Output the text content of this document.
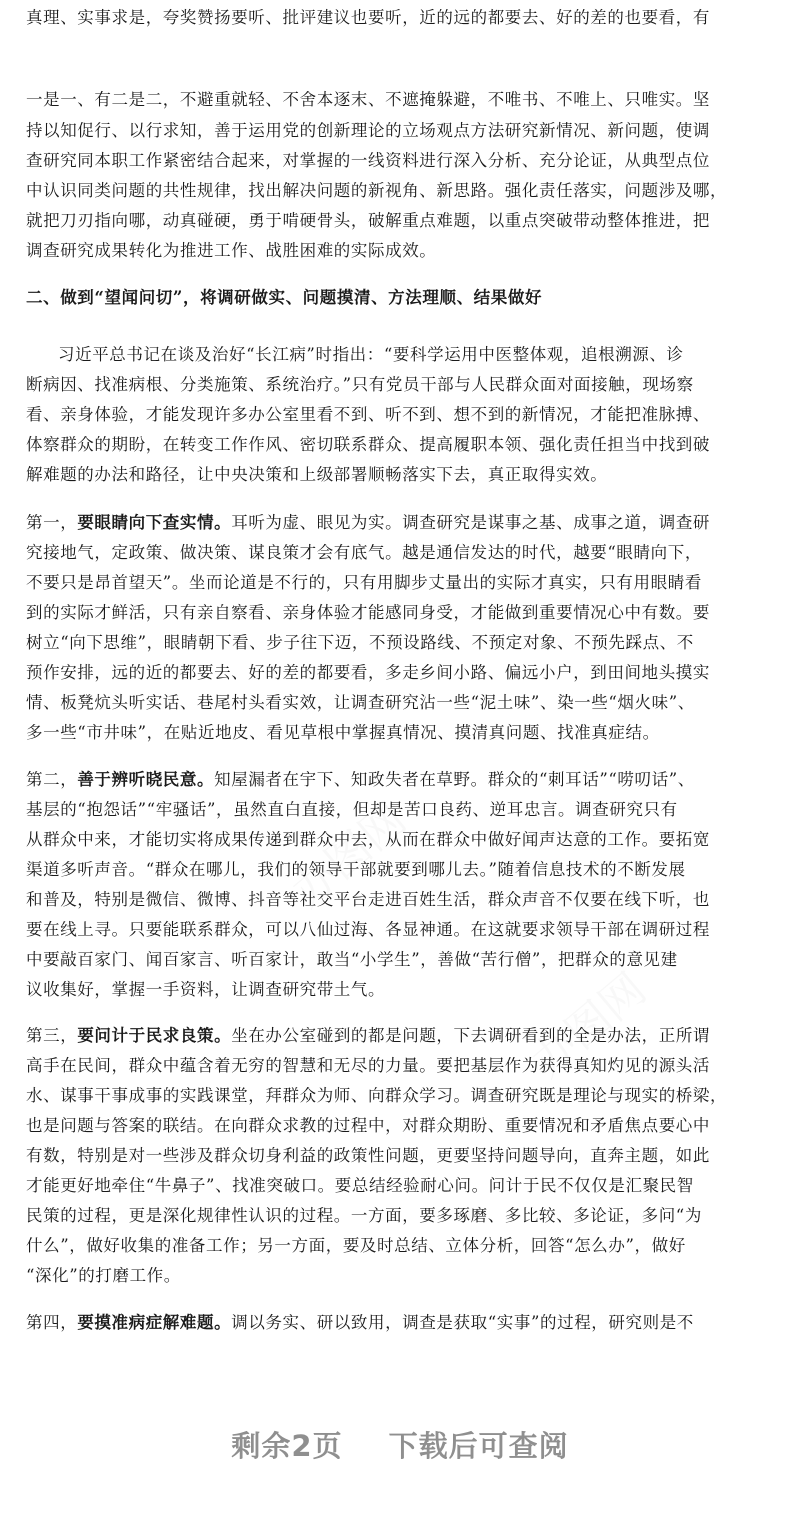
办图网
办图网
真理、实事求是，夸奖赞扬要听、批评建议也要听，近的远的都要去、好的差的也要看，有
一是一、有二是二，不避重就轻、不舍本逐末、不遮掩躲避，不唯书、不唯上、只唯实。坚
持以知促行、以行求知，善于运用党的创新理论的立场观点方法研究新情况、新问题，使调
查研究同本职工作紧密结合起来，对掌握的一线资料进行深入分析、充分论证，从典型点位
中认识同类问题的共性规律，找出解决问题的新视角、新思路。强化责任落实，问题涉及哪，
就把刀刃指向哪，动真碰硬，勇于啃硬骨头，破解重点难题，以重点突破带动整体推进，把
调查研究成果转化为推进工作、战胜困难的实际成效。
二、做到“望闻问切”，将调研做实、问题摸清、方法理顺、结果做好
习近平总书记在谈及治好“长江病”时指出：“要科学运用中医整体观，追根溯源、诊
断病因、找准病根、分类施策、系统治疗。”只有党员干部与人民群众面对面接触，现场察
看、亲身体验，才能发现许多办公室里看不到、听不到、想不到的新情况，才能把准脉搏、
体察群众的期盼，在转变工作作风、密切联系群众、提高履职本领、强化责任担当中找到破
解难题的办法和路径，让中央决策和上级部署顺畅落实下去，真正取得实效。
第一，要眼睛向下查实情。耳听为虚、眼见为实。调查研究是谋事之基、成事之道，调查研
究接地气，定政策、做决策、谋良策才会有底气。越是通信发达的时代，越要“眼睛向下，
不要只是昂首望天”。坐而论道是不行的，只有用脚步丈量出的实际才真实，只有用眼睛看
到的实际才鲜活，只有亲自察看、亲身体验才能感同身受，才能做到重要情况心中有数。要
树立“向下思维”，眼睛朝下看、步子往下迈，不预设路线、不预定对象、不预先踩点、不
预作安排，远的近的都要去、好的差的都要看，多走乡间小路、偏远小户，到田间地头摸实
情、板凳炕头听实话、巷尾村头看实效，让调查研究沾一些“泥土味”、染一些“烟火味”、
多一些“市井味”，在贴近地皮、看见草根中掌握真情况、摸清真问题、找准真症结。
第二，善于辨听晓民意。知屋漏者在宇下、知政失者在草野。群众的“刺耳话”“唠叨话”、
基层的“抱怨话”“牢骚话”，虽然直白直接，但却是苦口良药、逆耳忠言。调查研究只有
从群众中来，才能切实将成果传递到群众中去，从而在群众中做好闻声达意的工作。要拓宽
渠道多听声音。“群众在哪儿，我们的领导干部就要到哪儿去。”随着信息技术的不断发展
和普及，特别是微信、微博、抖音等社交平台走进百姓生活，群众声音不仅要在线下听，也
要在线上寻。只要能联系群众，可以八仙过海、各显神通。在这就要求领导干部在调研过程
中要敲百家门、闻百家言、听百家计，敢当“小学生”，善做“苦行僧”，把群众的意见建
议收集好，掌握一手资料，让调查研究带土气。
第三，要问计于民求良策。坐在办公室碰到的都是问题，下去调研看到的全是办法，正所谓
高手在民间，群众中蕴含着无穷的智慧和无尽的力量。要把基层作为获得真知灼见的源头活
水、谋事干事成事的实践课堂，拜群众为师、向群众学习。调查研究既是理论与现实的桥梁，
也是问题与答案的联结。在向群众求教的过程中，对群众期盼、重要情况和矛盾焦点要心中
有数，特别是对一些涉及群众切身利益的政策性问题，更要坚持问题导向，直奔主题，如此
才能更好地牵住“牛鼻子”、找准突破口。要总结经验耐心问。问计于民不仅仅是汇聚民智
民策的过程，更是深化规律性认识的过程。一方面，要多琢磨、多比较、多论证，多问“为
什么”，做好收集的准备工作；另一方面，要及时总结、立体分析，回答“怎么办”，做好
“深化”的打磨工作。
第四，要摸准病症解难题。调以务实、研以致用，调查是获取“实事”的过程，研究则是不
剩余2页 下载后可查阅
